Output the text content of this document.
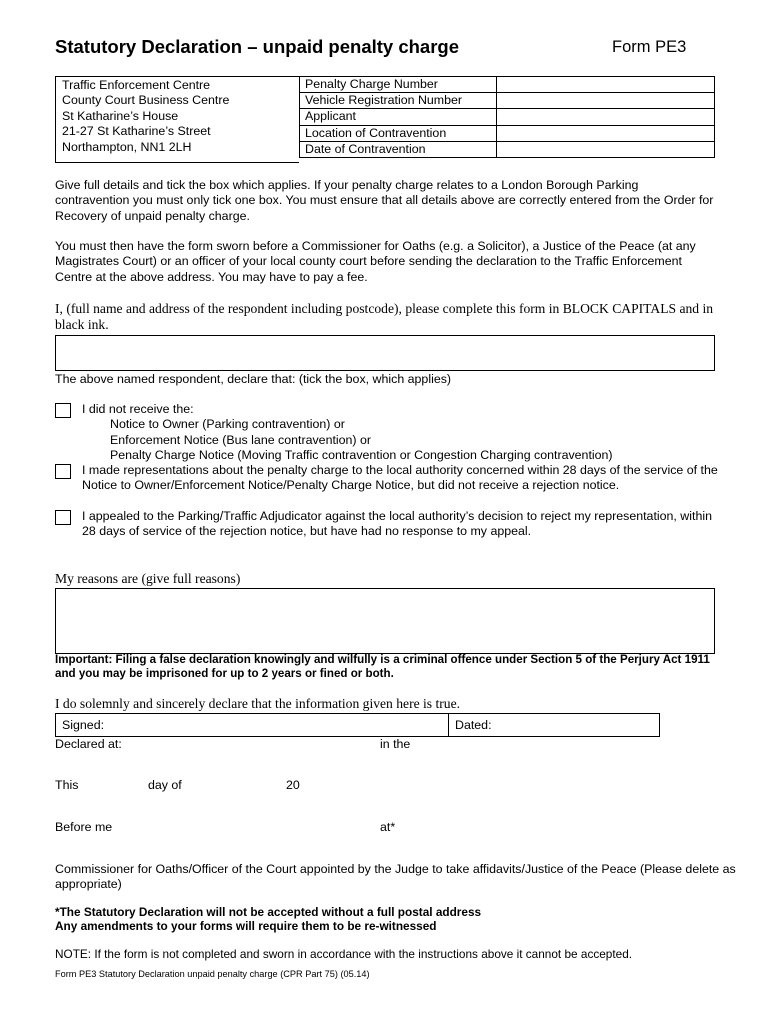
Statutory Declaration – unpaid penalty charge	Form PE3
Traffic Enforcement Centre
County Court Business Centre
St Katharine’s House
21-27 St Katharine’s Street
Northampton, NN1 2LH
Penalty Charge Number	
Vehicle Registration Number	
Applicant	
Location of Contravention	
Date of Contravention	
Give full details and tick the box which applies. If your penalty charge relates to a London Borough Parking contravention you must only tick one box. You must ensure that all details above are correctly entered from the Order for Recovery of unpaid penalty charge.
You must then have the form sworn before a Commissioner for Oaths (e.g. a Solicitor), a Justice of the Peace (at any Magistrates Court) or an officer of your local county court before sending the declaration to the Traffic Enforcement Centre at the above address. You may have to pay a fee.
I, (full name and address of the respondent including postcode), please complete this form in BLOCK CAPITALS and in black ink.
The above named respondent, declare that: (tick the box, which applies)
I did not receive the:
Notice to Owner (Parking contravention) or
Enforcement Notice (Bus lane contravention) or
Penalty Charge Notice (Moving Traffic contravention or Congestion Charging contravention)
I made representations about the penalty charge to the local authority concerned within 28 days of the service of the Notice to Owner/Enforcement Notice/Penalty Charge Notice, but did not receive a rejection notice.
I appealed to the Parking/Traffic Adjudicator against the local authority’s decision to reject my representation, within 28 days of service of the rejection notice, but have had no response to my appeal.
My reasons are (give full reasons)
Important: Filing a false declaration knowingly and wilfully is a criminal offence under Section 5 of the Perjury Act 1911 and you may be imprisoned for up to 2 years or fined or both.
I do solemnly and sincerely declare that the information given here is true.
Signed:	Dated:
Declared at:	in the
This	day of	20
Before me	at*
Commissioner for Oaths/Officer of the Court appointed by the Judge to take affidavits/Justice of the Peace (Please delete as appropriate)
*The Statutory Declaration will not be accepted without a full postal address
Any amendments to your forms will require them to be re-witnessed
NOTE: If the form is not completed and sworn in accordance with the instructions above it cannot be accepted.
Form PE3 Statutory Declaration unpaid penalty charge (CPR Part 75) (05.14)
